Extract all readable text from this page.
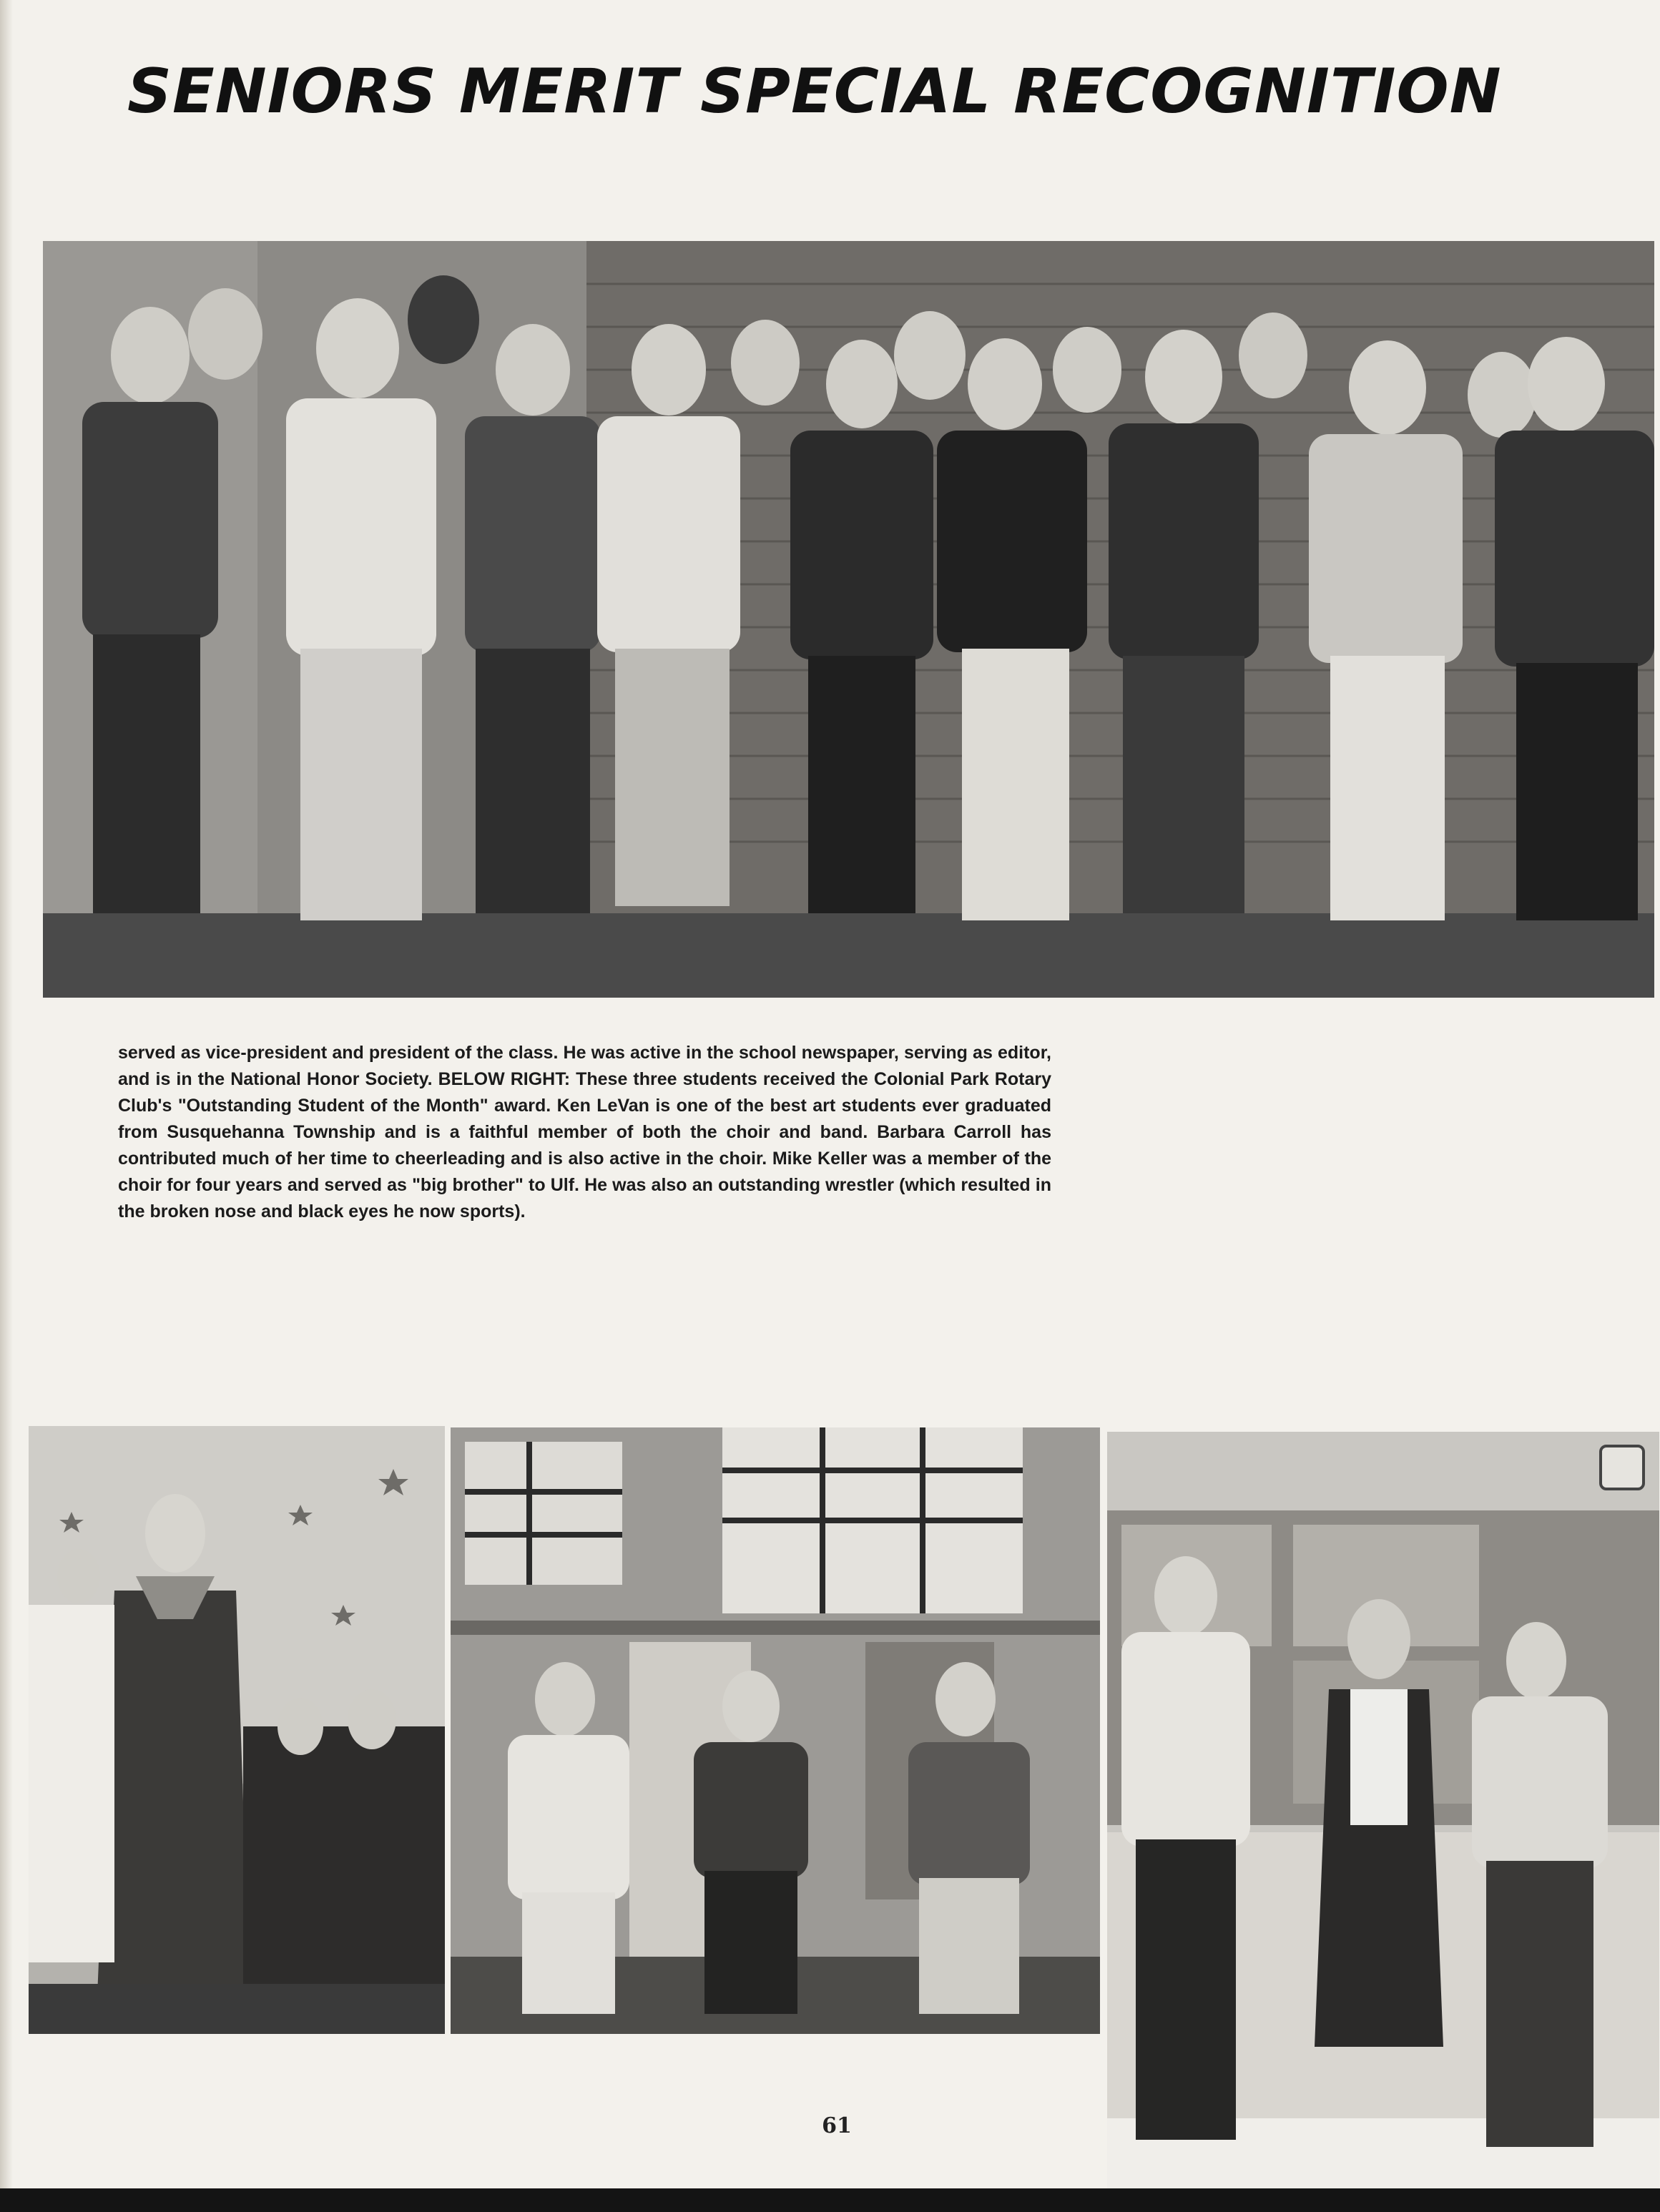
SENIORS MERIT SPECIAL RECOGNITION

served as vice-president and president of the class. He was active in the school newspaper, serving as editor, and is in the National Honor Society. BELOW RIGHT: These three students received the Colonial Park Rotary Club's "Outstanding Student of the Month" award. Ken LeVan is one of the best art students ever graduated from Susquehanna Township and is a faithful member of both the choir and band. Barbara Carroll has contributed much of her time to cheerleading and is also active in the choir. Mike Keller was a member of the choir for four years and served as "big brother" to Ulf. He was also an outstanding wrestler (which resulted in the broken nose and black eyes he now sports).

61
